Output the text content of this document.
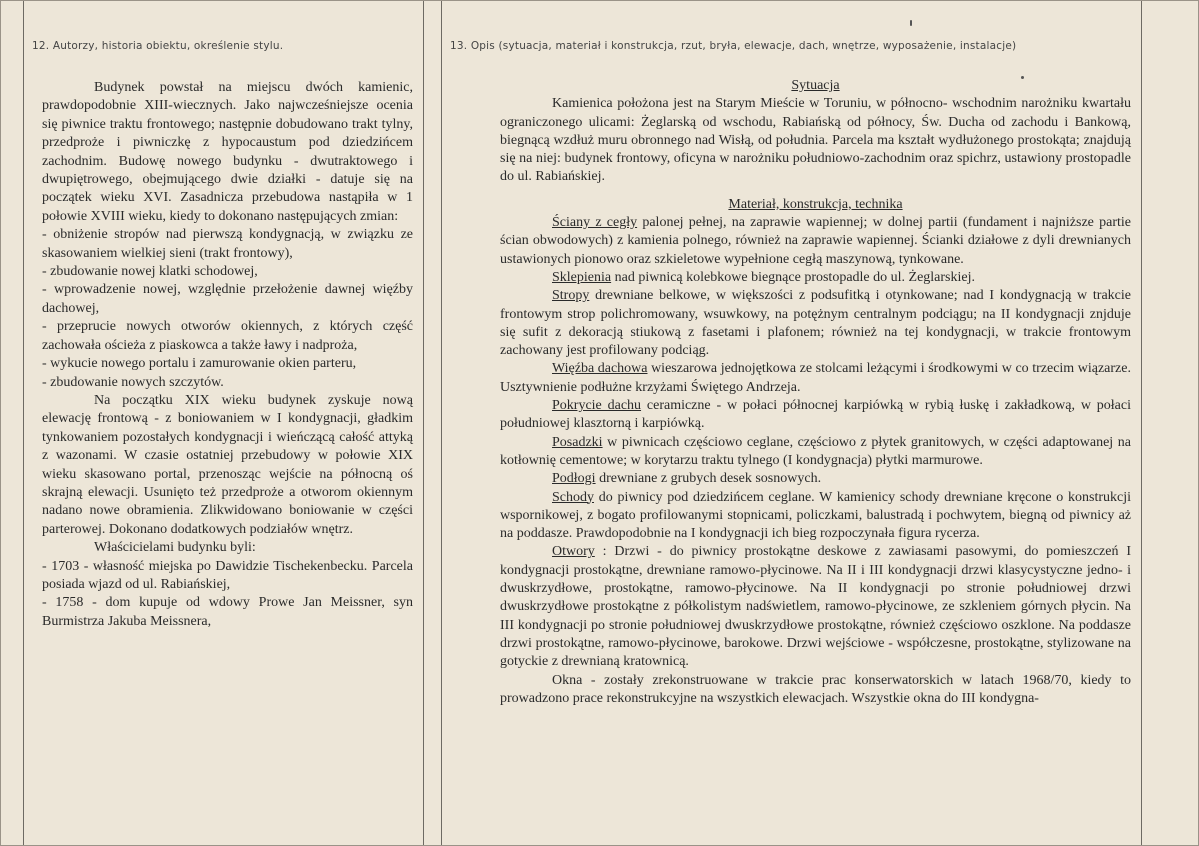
12. Autorzy, historia obiektu, określenie stylu.

Budynek powstał na miejscu dwóch kamienic, prawdopodobnie XIII-wiecznych. Jako najwcześniejsze ocenia się piwnice traktu frontowego; następnie dobudowano trakt tylny, przedproże i piwniczkę z hypocaustum pod dziedzińcem zachodnim. Budowę nowego budynku - dwutraktowego i dwupiętrowego, obejmującego dwie działki - datuje się na początek wieku XVI. Zasadnicza przebudowa nastąpiła w 1 połowie XVIII wieku, kiedy to dokonano następujących zmian:

- obniżenie stropów nad pierwszą kondygnacją, w związku ze skasowaniem wielkiej sieni (trakt frontowy),

- zbudowanie nowej klatki schodowej,

- wprowadzenie nowej, względnie przełożenie dawnej więźby dachowej,

- przeprucie nowych otworów okiennych, z których część zachowała ościeża z piaskowca a także ławy i nadproża,

- wykucie nowego portalu i zamurowanie okien parteru,

- zbudowanie nowych szczytów.

Na początku XIX wieku budynek zyskuje nową elewację frontową - z boniowaniem w I kondygnacji, gładkim tynkowaniem pozostałych kondygnacji i wieńczącą całość attyką z wazonami. W czasie ostatniej przebudowy w połowie XIX wieku skasowano portal, przenosząc wejście na północną oś skrajną elewacji. Usunięto też przedproże a otworom okiennym nadano nowe obramienia. Zlikwidowano boniowanie w części parterowej. Dokonano dodatkowych podziałów wnętrz.

Właścicielami budynku byli:

- 1703 - własność miejska po Dawidzie Tischekenbecku. Parcela posiada wjazd od ul. Rabiańskiej,

- 1758 - dom kupuje od wdowy Prowe Jan Meissner, syn Burmistrza Jakuba Meissnera,

13. Opis (sytuacja, materiał i konstrukcja, rzut, bryła, elewacje, dach, wnętrze, wyposażenie, instalacje)

Sytuacja

Kamienica położona jest na Starym Mieście w Toruniu, w północno- wschodnim narożniku kwartału ograniczonego ulicami: Żeglarską od wschodu, Rabiańską od północy, Św. Ducha od zachodu i Bankową, biegnącą wzdłuż muru obronnego nad Wisłą, od południa. Parcela ma kształt wydłużonego prostokąta; znajdują się na niej: budynek frontowy, oficyna w narożniku południowo-zachodnim oraz spichrz, ustawiony prostopadle do ul. Rabiańskiej.

Materiał, konstrukcja, technika

Ściany z cegły palonej pełnej, na zaprawie wapiennej; w dolnej partii (fundament i najniższe partie ścian obwodowych) z kamienia polnego, również na zaprawie wapiennej. Ścianki działowe z dyli drewnianych ustawionych pionowo oraz szkieletowe wypełnione cegłą maszynową, tynkowane.

Sklepienia nad piwnicą kolebkowe biegnące prostopadle do ul. Żeglarskiej.

Stropy drewniane belkowe, w większości z podsufitką i otynkowane; nad I kondygnacją w trakcie frontowym strop polichromowany, wsuwkowy, na potężnym centralnym podciągu; na II kondygnacji znjduje się sufit z dekoracją stiukową z fasetami i plafonem; również na tej kondygnacji, w trakcie frontowym zachowany jest profilowany podciąg.

Więźba dachowa wieszarowa jednojętkowa ze stolcami leżącymi i środkowymi w co trzecim wiązarze. Usztywnienie podłużne krzyżami Świętego Andrzeja.

Pokrycie dachu ceramiczne - w połaci północnej karpiówką w rybią łuskę i zakładkową, w połaci południowej klasztorną i karpiówką.

Posadzki w piwnicach częściowo ceglane, częściowo z płytek granitowych, w części adaptowanej na kotłownię cementowe; w korytarzu traktu tylnego (I kondygnacja) płytki marmurowe.

Podłogi drewniane z grubych desek sosnowych.

Schody do piwnicy pod dziedzińcem ceglane. W kamienicy schody drewniane kręcone o konstrukcji wspornikowej, z bogato profilowanymi stopnicami, policzkami, balustradą i pochwytem, biegną od piwnicy aż na poddasze. Prawdopodobnie na I kondygnacji ich bieg rozpoczynała figura rycerza.

Otwory : Drzwi - do piwnicy prostokątne deskowe z zawiasami pasowymi, do pomieszczeń I kondygnacji prostokątne, drewniane ramowo-płycinowe. Na II i III kondygnacji drzwi klasycystyczne jedno- i dwuskrzydłowe, prostokątne, ramowo-płycinowe. Na II kondygnacji po stronie południowej drzwi dwuskrzydłowe prostokątne z półkolistym nadświetlem, ramowo-płycinowe, ze szkleniem górnych płycin. Na III kondygnacji po stronie południowej dwuskrzydłowe prostokątne, również częściowo oszklone. Na poddasze drzwi prostokątne, ramowo-płycinowe, barokowe. Drzwi wejściowe - współczesne, prostokątne, stylizowane na gotyckie z drewnianą kratownicą.

Okna - zostały zrekonstruowane w trakcie prac konserwatorskich w latach 1968/70, kiedy to prowadzono prace rekonstrukcyjne na wszystkich elewacjach. Wszystkie okna do III kondygna-
